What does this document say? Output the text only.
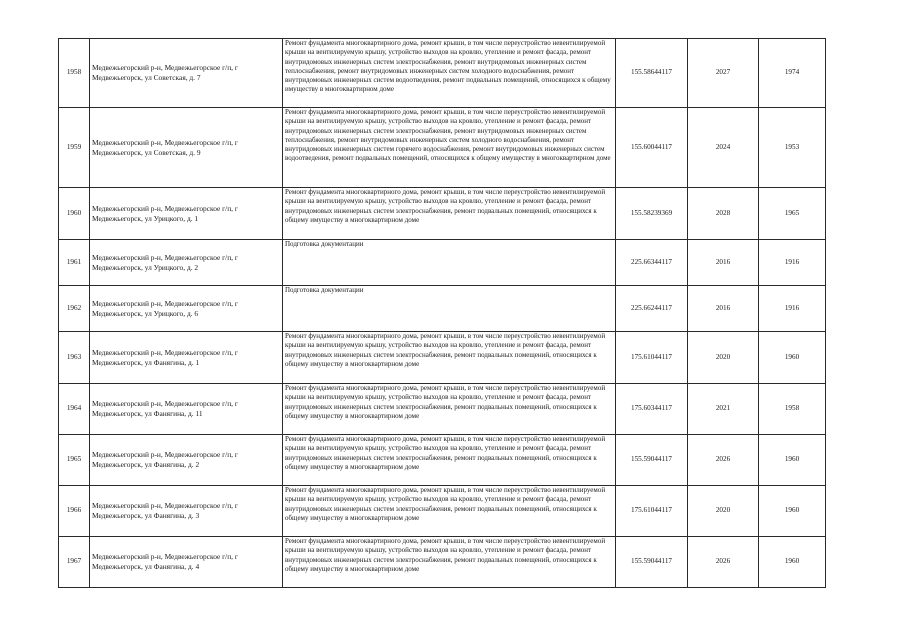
1958	Медвежьегорский р-н, Медвежьегорское г/п, г Медвежьегорск, ул Советская, д. 7	Ремонт фундамента многоквартирного дома, ремонт крыши, в том числе переустройство невентилируемой крыши на вентилируемую крышу, устройство выходов на кровлю, утепление и ремонт фасада, ремонт внутридомовых инженерных систем электроснабжения, ремонт внутридомовых инженерных систем теплоснабжения, ремонт внутридомовых инженерных систем холодного водоснабжения, ремонт внутридомовых инженерных систем водоотведения, ремонт подвальных помещений, относящихся к общему имуществу в многоквартирном доме	155.58644117	2027	1974
1959	Медвежьегорский р-н, Медвежьегорское г/п, г Медвежьегорск, ул Советская, д. 9	Ремонт фундамента многоквартирного дома, ремонт крыши, в том числе переустройство невентилируемой крыши на вентилируемую крышу, устройство выходов на кровлю, утепление и ремонт фасада, ремонт внутридомовых инженерных систем электроснабжения, ремонт внутридомовых инженерных систем теплоснабжения, ремонт внутридомовых инженерных систем холодного водоснабжения, ремонт внутридомовых инженерных систем горячего водоснабжения, ремонт внутридомовых инженерных систем водоотведения, ремонт подвальных помещений, относящихся к общему имуществу в многоквартирном доме	155.60044117	2024	1953
1960	Медвежьегорский р-н, Медвежьегорское г/п, г Медвежьегорск, ул Урицкого, д. 1	Ремонт фундамента многоквартирного дома, ремонт крыши, в том числе переустройство невентилируемой крыши на вентилируемую крышу, устройство выходов на кровлю, утепление и ремонт фасада, ремонт внутридомовых инженерных систем электроснабжения, ремонт подвальных помещений, относящихся к общему имуществу в многоквартирном доме	155.58239369	2028	1965
1961	Медвежьегорский р-н, Медвежьегорское г/п, г Медвежьегорск, ул Урицкого, д. 2	Подготовка документации	225.66344117	2016	1916
1962	Медвежьегорский р-н, Медвежьегорское г/п, г Медвежьегорск, ул Урицкого, д. 6	Подготовка документации	225.66244117	2016	1916
1963	Медвежьегорский р-н, Медвежьегорское г/п, г Медвежьегорск, ул Фанягина, д. 1	Ремонт фундамента многоквартирного дома, ремонт крыши, в том числе переустройство невентилируемой крыши на вентилируемую крышу, устройство выходов на кровлю, утепление и ремонт фасада, ремонт внутридомовых инженерных систем электроснабжения, ремонт подвальных помещений, относящихся к общему имуществу в многоквартирном доме	175.61044117	2020	1960
1964	Медвежьегорский р-н, Медвежьегорское г/п, г Медвежьегорск, ул Фанягина, д. 11	Ремонт фундамента многоквартирного дома, ремонт крыши, в том числе переустройство невентилируемой крыши на вентилируемую крышу, устройство выходов на кровлю, утепление и ремонт фасада, ремонт внутридомовых инженерных систем электроснабжения, ремонт подвальных помещений, относящихся к общему имуществу в многоквартирном доме	175.60344117	2021	1958
1965	Медвежьегорский р-н, Медвежьегорское г/п, г Медвежьегорск, ул Фанягина, д. 2	Ремонт фундамента многоквартирного дома, ремонт крыши, в том числе переустройство невентилируемой крыши на вентилируемую крышу, устройство выходов на кровлю, утепление и ремонт фасада, ремонт внутридомовых инженерных систем электроснабжения, ремонт подвальных помещений, относящихся к общему имуществу в многоквартирном доме	155.59044117	2026	1960
1966	Медвежьегорский р-н, Медвежьегорское г/п, г Медвежьегорск, ул Фанягина, д. 3	Ремонт фундамента многоквартирного дома, ремонт крыши, в том числе переустройство невентилируемой крыши на вентилируемую крышу, устройство выходов на кровлю, утепление и ремонт фасада, ремонт внутридомовых инженерных систем электроснабжения, ремонт подвальных помещений, относящихся к общему имуществу в многоквартирном доме	175.61044117	2020	1960
1967	Медвежьегорский р-н, Медвежьегорское г/п, г Медвежьегорск, ул Фанягина, д. 4	Ремонт фундамента многоквартирного дома, ремонт крыши, в том числе переустройство невентилируемой крыши на вентилируемую крышу, устройство выходов на кровлю, утепление и ремонт фасада, ремонт внутридомовых инженерных систем электроснабжения, ремонт подвальных помещений, относящихся к общему имуществу в многоквартирном доме	155.59044117	2026	1960
